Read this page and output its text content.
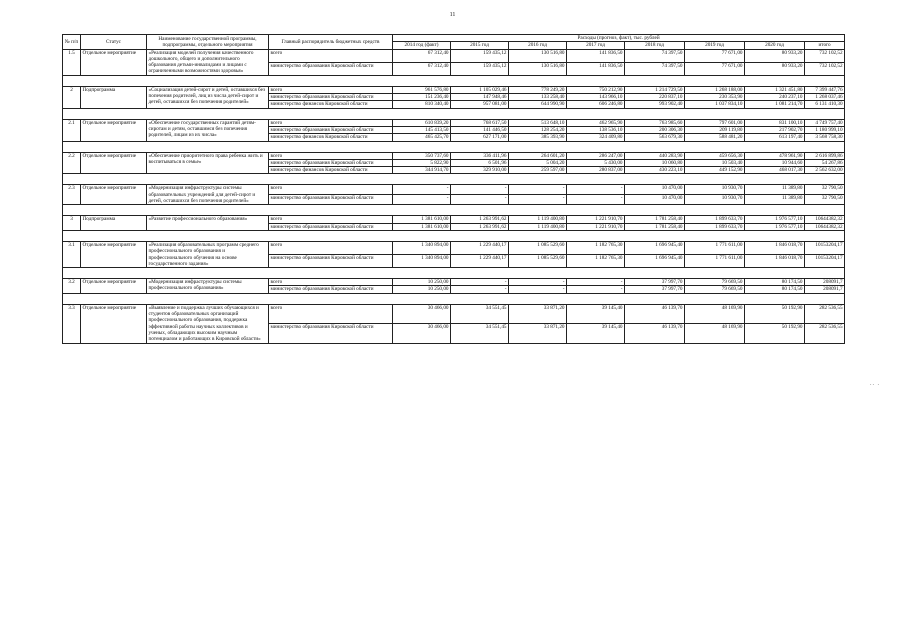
11
№ п/п	Статус	Наименование государственной программы, подпрограммы, отдельного мероприятия	Главный распорядитель бюджетных средств	Расходы (прогноз, факт), тыс. рублей							
				2014 год (факт)	2015 год	2016 год	2017 год	2018 год	2019 год	2020 год	итого
1.5	Отдельное мероприятие	«Реализация моделей получения качественного дошкольного, общего и дополнительного образования детьми-инвалидами и лицами с ограниченными возможностями здоровья»	всего	67 312,40	159 435,12	130 516,80	141 836,50	74 397,50	77 671,00	80 933,20	732 102,52
			министерство образования Кировской области	67 312,40	159 435,12	130 516,80	141 836,50	74 397,50	77 671,00	80 933,20	732 102,52

2	Подпрограмма	«Социализация детей-сирот и детей, оставшихся без попечения родителей, лиц из числа детей-сирот и детей, оставшихся без попечения родителей»	всего	961 576,80	1 105 029,46	778 249,20	750 212,90	1 214 729,50	1 268 188,00	1 321 451,80	7 399 447,76
			министерство образования Кировской области	151 236,40	147 948,46	133 258,40	143 966,10	220 837,10	230 353,90	240 237,10	1 268 037,46
			министерство финансов Кировской области	810 340,40	957 081,00	644 990,90	606 246,80	993 902,40	1 037 834,10	1 081 214,70	6 131 410,30

2.1	Отдельное мероприятие	«Обеспечение государственных гарантий детям-сиротам и детям, оставшимся без попечения родителей, лицам из их числа»	всего	610 839,20	768 617,50	513 648,10	462 965,90	763 985,60	797 601,00	831 100,10	4 749 757,40
			министерство образования Кировской области	145 413,50	141 446,50	128 254,20	138 536,10	200 306,30	209 119,80	217 902,70	1 180 999,10
			министерство финансов Кировской области	465 425,70	627 171,00	385 393,90	324 409,80	563 679,30	588 481,20	613 197,40	3 568 758,30

2.2	Отдельное мероприятие	«Обеспечение приоритетного права ребенка жить и воспитываться в семье»	всего	350 737,60	336 411,96	264 601,20	286 247,00	440 283,90	459 656,30	478 961,90	2 616 899,86
			министерство образования Кировской области	5 822,90	6 501,96	5 004,20	5 430,00	10 060,80	10 503,40	10 944,60	54 267,86
			министерство финансов Кировской области	344 914,70	329 910,00	259 597,00	280 837,00	430 223,10	449 152,90	468 017,30	2 562 632,00

2.3	Отдельное мероприятие	«Модернизация инфраструктуры системы образовательных учреждений для детей-сирот и детей, оставшихся без попечения родителей»	всего	-	-	-	-	10 470,00	10 930,70	11 389,80	32 790,50
			министерство образования Кировской области	-	-	-	-	10 470,00	10 930,70	11 389,80	32 790,50

3	Подпрограмма	«Развитие профессионального образования»	всего	1 381 610,00	1 263 991,62	1 119 400,80	1 221 910,70	1 781 258,40	1 899 633,70	1 976 577,10	10644382,32
			министерство образования Кировской области	1 381 610,00	1 263 991,62	1 119 400,80	1 221 910,70	1 781 258,40	1 899 633,70	1 976 577,10	10644382,32

3.1	Отдельное мероприятие	«Реализация образовательных программ среднего профессионального образования и профессионального обучения на основе государственного задания»	всего	1 340 894,00	1 229 440,17	1 085 529,60	1 182 765,30	1 696 945,40	1 771 611,00	1 846 018,70	10153204,17
			министерство образования Кировской области	1 340 894,00	1 229 440,17	1 085 529,60	1 182 765,30	1 696 945,40	1 771 611,00	1 846 018,70	10153204,17

3.2	Отдельное мероприятие	«Модернизация инфраструктуры системы профессионального образования»	всего	10 250,00	-	-	-	37 997,70	79 669,50	80 174,50	208091,7
			министерство образования Кировской области	10 250,00	-	-	-	37 997,70	79 669,50	80 174,50	208091,7

3.3	Отдельное мероприятие	«Выявление и поддержка лучших обучающихся и студентов образовательных организаций профессионального образования, поддержка эффективной работы научных коллективов и ученых, обладающих высоким научным потенциалом и работающих в Кировской области»	всего	30 466,00	34 551,45	33 871,20	39 145,40	46 139,70	48 169,90	50 192,90	282 536,55
			министерство образования Кировской области	30 466,00	34 551,45	33 871,20	39 145,40	46 139,70	48 169,90	50 192,90	282 536,55
.. .
